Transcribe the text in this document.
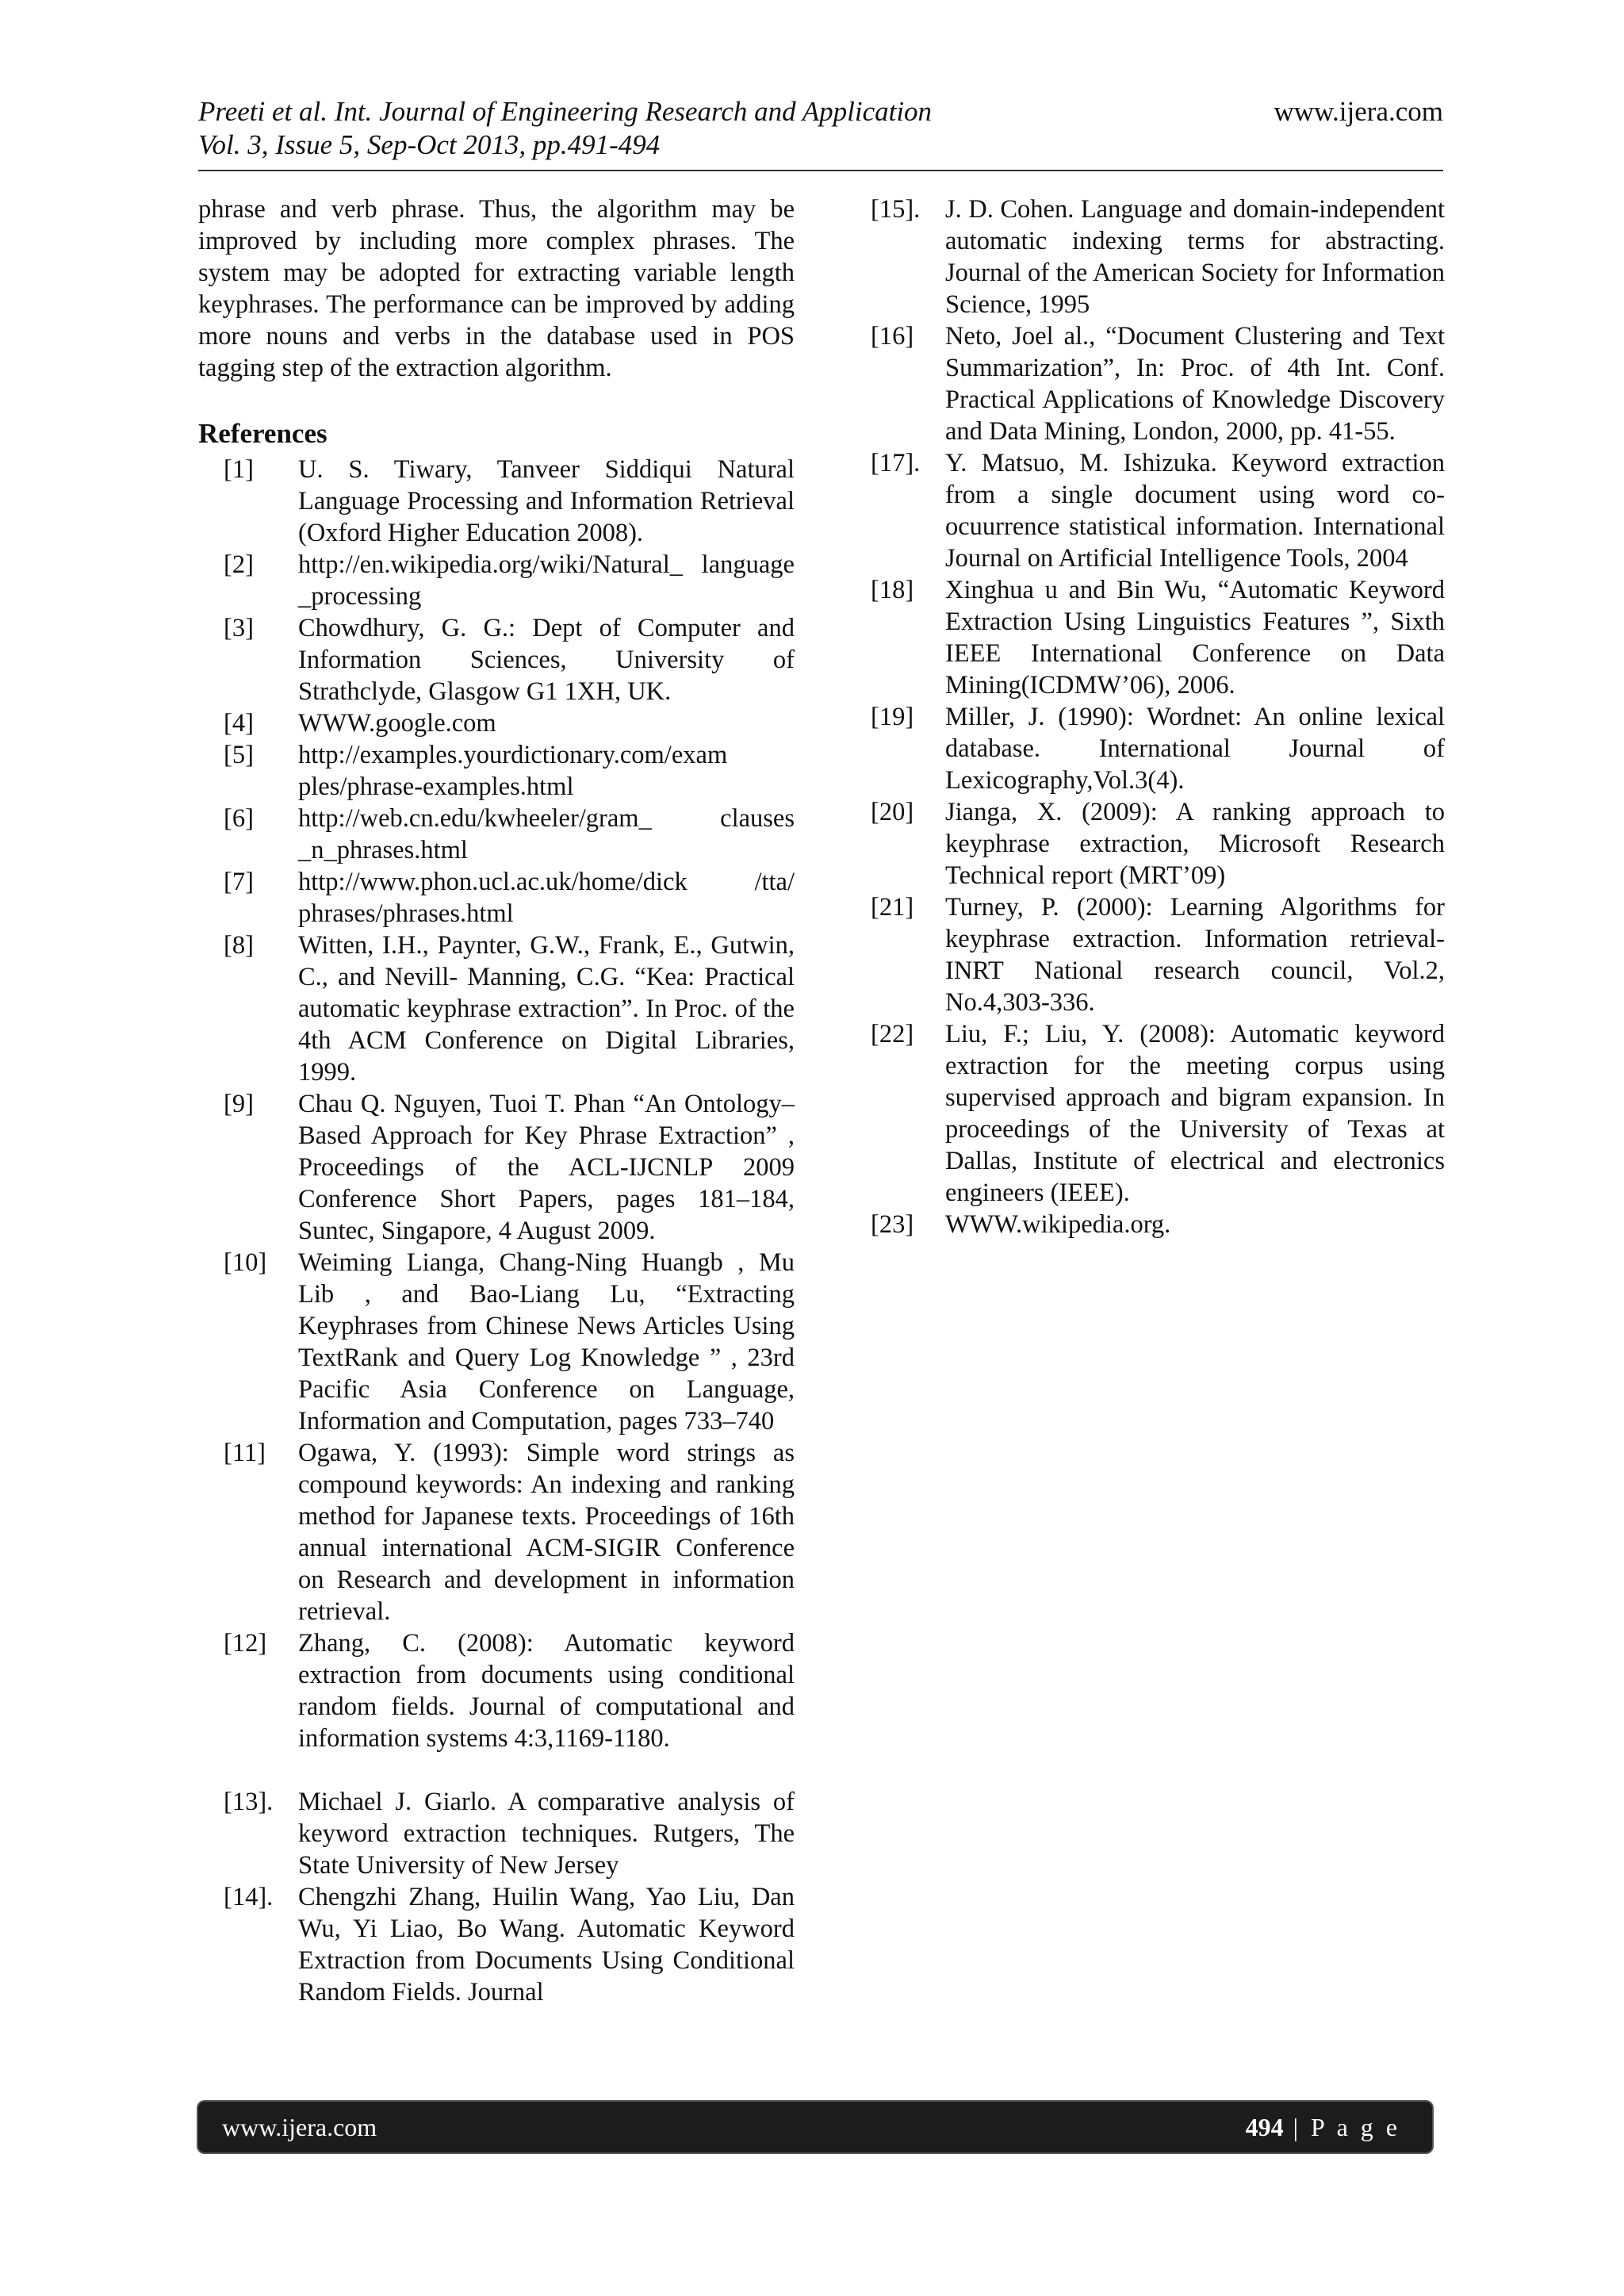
Preeti et al. Int. Journal of Engineering Research and Application
Vol. 3, Issue 5, Sep-Oct 2013, pp.491-494
www.ijera.com

phrase and verb phrase. Thus, the algorithm may be improved by including more complex phrases. The system may be adopted for extracting variable length keyphrases. The performance can be improved by adding more nouns and verbs in the database used in POS tagging step of the extraction algorithm.

References
[1] U. S. Tiwary, Tanveer Siddiqui Natural Language Processing and Information Retrieval (Oxford Higher Education 2008).
[2] http://en.wikipedia.org/wiki/Natural_ language _processing
[3] Chowdhury, G. G.: Dept of Computer and Information Sciences, University of Strathclyde, Glasgow G1 1XH, UK.
[4] WWW.google.com
[5] http://examples.yourdictionary.com/exam ples/phrase-examples.html
[6] http://web.cn.edu/kwheeler/gram_ clauses _n_phrases.html
[7] http://www.phon.ucl.ac.uk/home/dick /tta/ phrases/phrases.html
[8] Witten, I.H., Paynter, G.W., Frank, E., Gutwin, C., and Nevill- Manning, C.G. “Kea: Practical automatic keyphrase extraction”. In Proc. of the 4th ACM Conference on Digital Libraries, 1999.
[9] Chau Q. Nguyen, Tuoi T. Phan “An Ontology–Based Approach for Key Phrase Extraction” , Proceedings of the ACL-IJCNLP 2009 Conference Short Papers, pages 181–184, Suntec, Singapore, 4 August 2009.
[10] Weiming Lianga, Chang-Ning Huangb , Mu Lib , and Bao-Liang Lu, “Extracting Keyphrases from Chinese News Articles Using TextRank and Query Log Knowledge ” , 23rd Pacific Asia Conference on Language, Information and Computation, pages 733–740
[11] Ogawa, Y. (1993): Simple word strings as compound keywords: An indexing and ranking method for Japanese texts. Proceedings of 16th annual international ACM-SIGIR Conference on Research and development in information retrieval.
[12] Zhang, C. (2008): Automatic keyword extraction from documents using conditional random fields. Journal of computational and information systems 4:3,1169-1180.
[13]. Michael J. Giarlo. A comparative analysis of keyword extraction techniques. Rutgers, The State University of New Jersey
[14]. Chengzhi Zhang, Huilin Wang, Yao Liu, Dan Wu, Yi Liao, Bo Wang. Automatic Keyword Extraction from Documents Using Conditional Random Fields. Journal
[15]. J. D. Cohen. Language and domain-independent automatic indexing terms for abstracting. Journal of the American Society for Information Science, 1995
[16] Neto, Joel al., “Document Clustering and Text Summarization”, In: Proc. of 4th Int. Conf. Practical Applications of Knowledge Discovery and Data Mining, London, 2000, pp. 41-55.
[17]. Y. Matsuo, M. Ishizuka. Keyword extraction from a single document using word co-ocuurrence statistical information. International Journal on Artificial Intelligence Tools, 2004
[18] Xinghua u and Bin Wu, “Automatic Keyword Extraction Using Linguistics Features ”, Sixth IEEE International Conference on Data Mining(ICDMW’06), 2006.
[19] Miller, J. (1990): Wordnet: An online lexical database. International Journal of Lexicography,Vol.3(4).
[20] Jianga, X. (2009): A ranking approach to keyphrase extraction, Microsoft Research Technical report (MRT’09)
[21] Turney, P. (2000): Learning Algorithms for keyphrase extraction. Information retrieval-INRT National research council, Vol.2, No.4,303-336.
[22] Liu, F.; Liu, Y. (2008): Automatic keyword extraction for the meeting corpus using supervised approach and bigram expansion. In proceedings of the University of Texas at Dallas, Institute of electrical and electronics engineers (IEEE).
[23] WWW.wikipedia.org.
www.ijera.com	494 | P a g e
